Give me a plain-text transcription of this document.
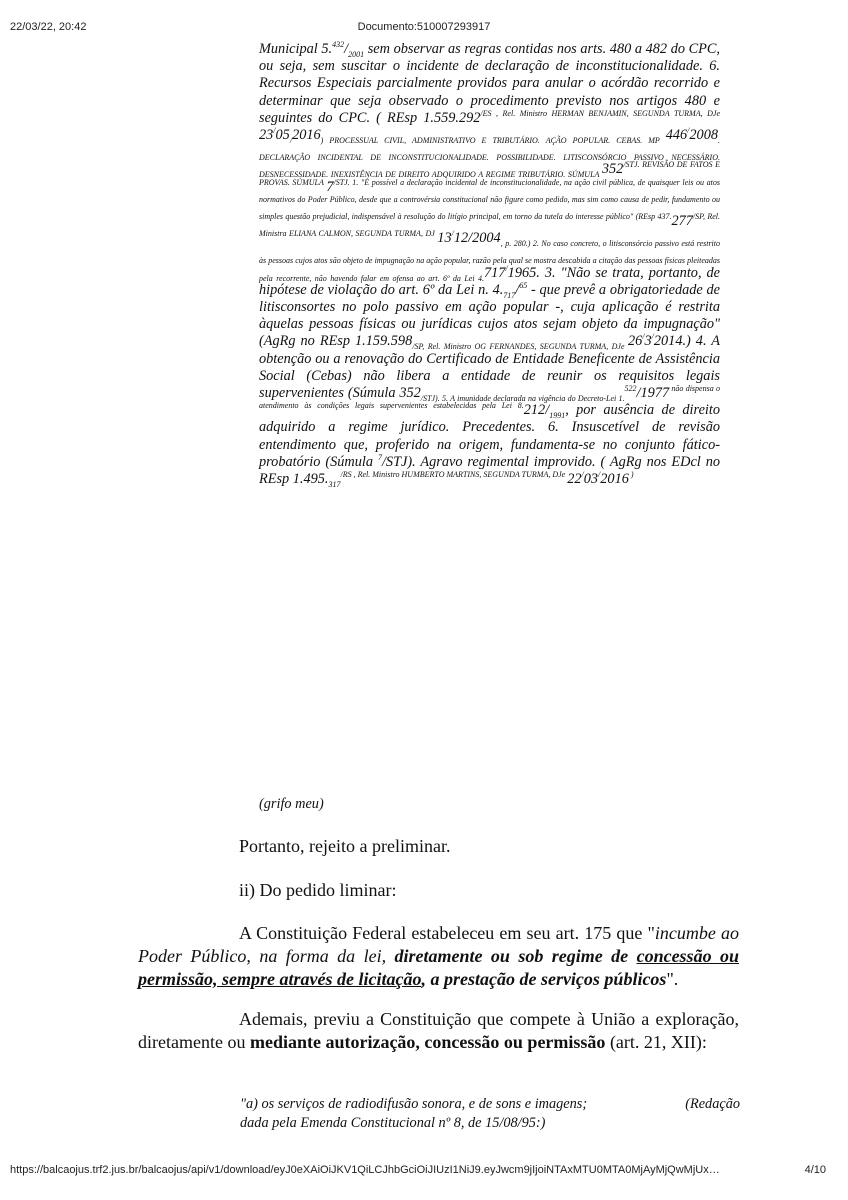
22/03/22, 20:42	Documento:510007293917
Municipal $5.^{432}/_{2001}$ sem observar as regras contidas nos arts. 480 a 482 do CPC, ou seja, sem suscitar o incidente de declaração de inconstitucionalidade. 6. Recursos Especiais parcialmente providos para anular o acórdão recorrido e determinar que seja observado o procedimento previsto nos artigos 480 e seguintes do CPC. ( REsp $1.559.292^{/ES , Rel. Ministro HERMAN BENJAMIN, SEGUNDA TURMA, DJe}$ $23^/05_/2016_{) PROCESSUAL CIVIL, ADMINISTRATIVO E TRIBUTÁRIO. AÇÃO POPULAR. CEBAS. MP}$ $446^/2008_{. DECLARAÇÃO INCIDENTAL DE INCONSTITUCIONALIDADE. POSSIBILIDADE. LITISCONSÓRCIO PASSIVO NECESSÁRIO. DESNECESSIDADE. INEXISTÊNCIA DE DIREITO ADQUIRIDO A REGIME TRIBUTÁRIO. SÚMULA}$ $352^{/STJ. REVISÃO DE FATOS E PROVAS. SÚMULA}$ 7/STJ. 1. "É possível a declaração incidental de inconstitucionalidade, na ação civil pública, de quaisquer leis ou atos normativos do Poder Público, desde que a controvérsia constitucional não figure como pedido, mas sim como causa de pedir, fundamento ou simples questão prejudicial, indispensável à resolução do litígio principal, em torno da tutela do interesse público" (REsp $437.277^{/SP, Rel. Ministra ELIANA CALMON, SEGUNDA TURMA, DJ}$ $13^/12/2004_{, p. 280.) 2. No caso concreto, o litisconsórcio passivo está restrito às pessoas cujos atos são objeto de impugnação na ação popular, razão pela qual se mostra descabida a citação das pessoas físicas pleiteadas pela recorrente, não havendo falar em ofensa ao art. 6º da Lei 4.}717^/1965$. 3. "Não se trata, portanto, de hipótese de violação do art. 6º da Lei n. $4._{717}/^{65}$ - que prevê a obrigatoriedade de litisconsortes no polo passivo em ação popular -, cuja aplicação é restrita àquelas pessoas físicas ou jurídicas cujos atos sejam objeto da impugnação" (AgRg no REsp $1.159.598_{/SP, Rel. Ministro OG FERNANDES, SEGUNDA TURMA, DJe}$ 26/3/2014.) 4. A obtenção ou a renovação do Certificado de Entidade Beneficente de Assistência Social (Cebas) não libera a entidade de reunir os requisitos legais supervenientes (Súmula $352_{/STJ). 5. A imunidade declarada na vigência do Decreto-Lei 1.}^{522}/1977$ $^{não dispensa o atendimento às condições legais supervenientes estabelecidas pela Lei 8.}212/_{1991}$, por ausência de direito adquirido a regime jurídico. Precedentes. 6. Insuscetível de revisão entendimento que, proferido na origem, fundamenta-se no conjunto fático-probatório (Súmula $^7$/STJ). Agravo regimental improvido. ( AgRg nos EDcl no REsp $1.495._{317}^{/RS , Rel. Ministro HUMBERTO MARTINS, SEGUNDA TURMA, DJe}$ 22/03/2016 )
(grifo meu)
Portanto, rejeito a preliminar.
ii) Do pedido liminar:
A Constituição Federal estabeleceu em seu art. 175 que "incumbe ao Poder Público, na forma da lei, diretamente ou sob regime de concessão ou permissão, sempre através de licitação, a prestação de serviços públicos".
Ademais, previu a Constituição que compete à União a exploração, diretamente ou mediante autorização, concessão ou permissão (art. 21, XII):
"a) os serviços de radiodifusão sonora, e de sons e imagens;	(Redação
dada pela Emenda Constitucional nº 8, de 15/08/95:)
https://balcaojus.trf2.jus.br/balcaojus/api/v1/download/eyJ0eXAiOiJKV1QiLCJhbGciOiJIUzI1NiJ9.eyJwcm9jIjoiNTAxMTU0MTA0MjAyMjQwMjUx…	4/10
